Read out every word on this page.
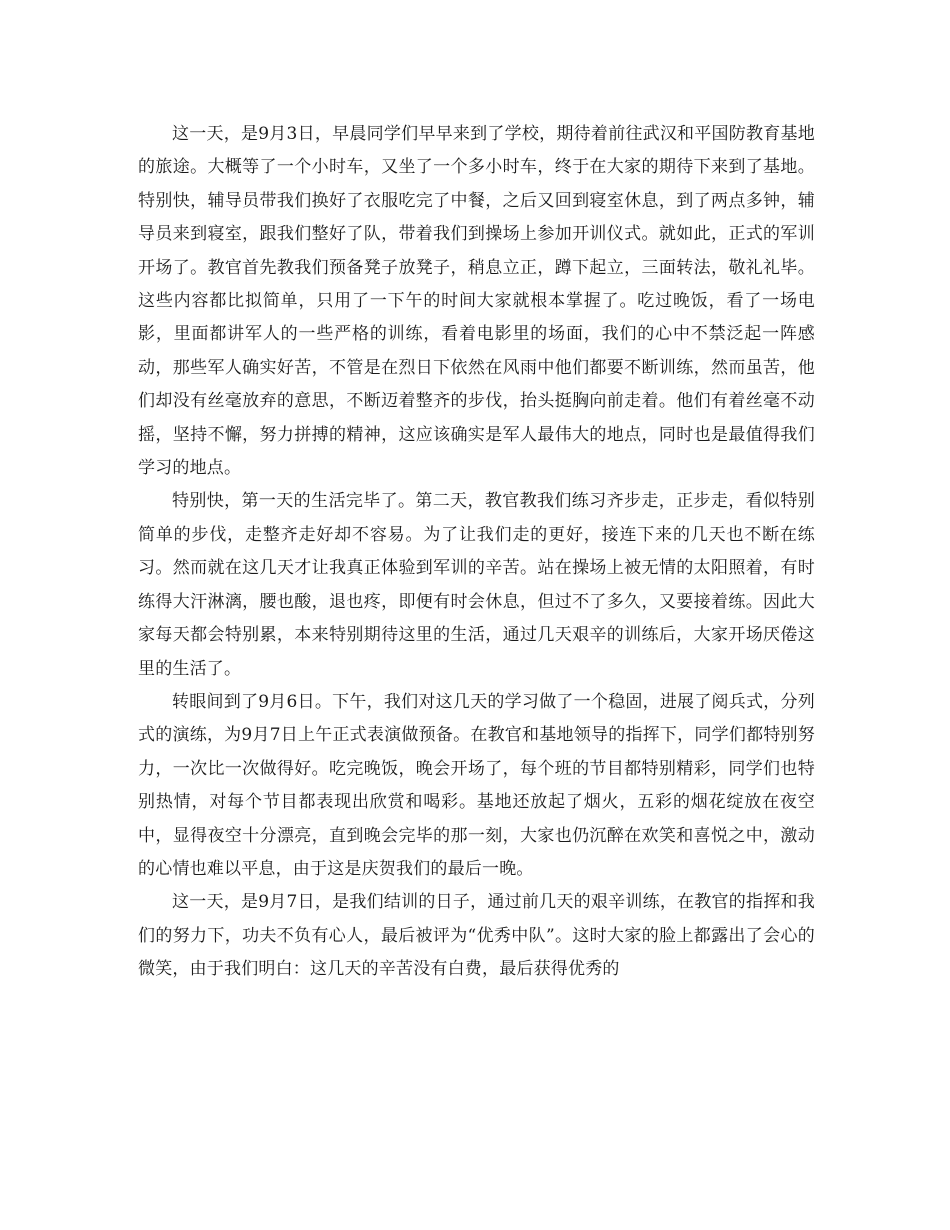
这一天，是9月3日，早晨同学们早早来到了学校，期待着前往武汉和平国防教育基地的旅途。大概等了一个小时车，又坐了一个多小时车，终于在大家的期待下来到了基地。特别快，辅导员带我们换好了衣服吃完了中餐，之后又回到寝室休息，到了两点多钟，辅导员来到寝室，跟我们整好了队，带着我们到操场上参加开训仪式。就如此，正式的军训开场了。教官首先教我们预备凳子放凳子，稍息立正，蹲下起立，三面转法，敬礼礼毕。这些内容都比拟简单，只用了一下午的时间大家就根本掌握了。吃过晚饭，看了一场电影，里面都讲军人的一些严格的训练，看着电影里的场面，我们的心中不禁泛起一阵感动，那些军人确实好苦，不管是在烈日下依然在风雨中他们都要不断训练，然而虽苦，他们却没有丝毫放弃的意思，不断迈着整齐的步伐，抬头挺胸向前走着。他们有着丝毫不动摇，坚持不懈，努力拼搏的精神，这应该确实是军人最伟大的地点，同时也是最值得我们学习的地点。

特别快，第一天的生活完毕了。第二天，教官教我们练习齐步走，正步走，看似特别简单的步伐，走整齐走好却不容易。为了让我们走的更好，接连下来的几天也不断在练习。然而就在这几天才让我真正体验到军训的辛苦。站在操场上被无情的太阳照着，有时练得大汗淋漓，腰也酸，退也疼，即便有时会休息，但过不了多久，又要接着练。因此大家每天都会特别累，本来特别期待这里的生活，通过几天艰辛的训练后，大家开场厌倦这里的生活了。

转眼间到了9月6日。下午，我们对这几天的学习做了一个稳固，进展了阅兵式，分列式的演练，为9月7日上午正式表演做预备。在教官和基地领导的指挥下，同学们都特别努力，一次比一次做得好。吃完晚饭，晚会开场了，每个班的节目都特别精彩，同学们也特别热情，对每个节目都表现出欣赏和喝彩。基地还放起了烟火，五彩的烟花绽放在夜空中，显得夜空十分漂亮，直到晚会完毕的那一刻，大家也仍沉醉在欢笑和喜悦之中，激动的心情也难以平息，由于这是庆贺我们的最后一晚。

这一天，是9月7日，是我们结训的日子，通过前几天的艰辛训练，在教官的指挥和我们的努力下，功夫不负有心人，最后被评为“优秀中队”。这时大家的脸上都露出了会心的微笑，由于我们明白：这几天的辛苦没有白费，最后获得优秀的
